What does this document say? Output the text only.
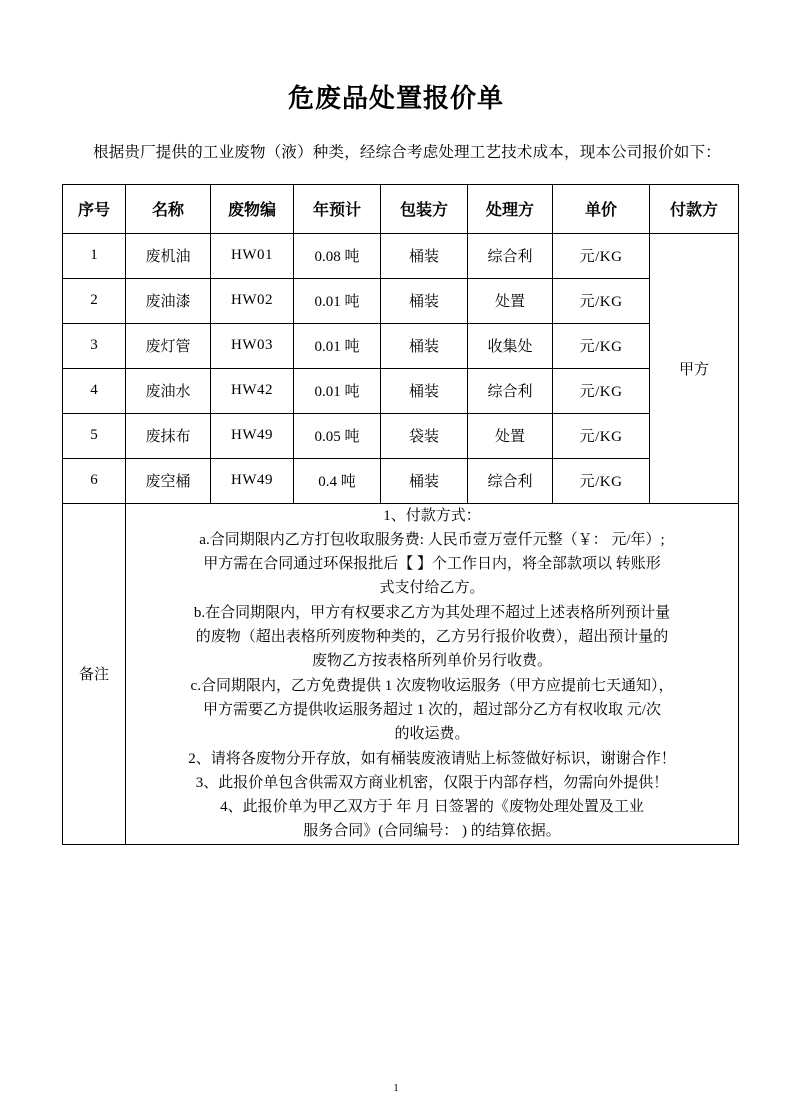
危废品处置报价单

根据贵厂提供的工业废物（液）种类，经综合考虑处理工艺技术成本，现本公司报价如下：

序号	名称	废物编	年预计	包装方	处理方	单价	付款方
1	废机油	HW01	0.08 吨	桶装	综合利	元/KG	甲方
2	废油漆	HW02	0.01 吨	桶装	处置	元/KG	
3	废灯管	HW03	0.01 吨	桶装	收集处	元/KG	
4	废油水	HW42	0.01 吨	桶装	综合利	元/KG	
5	废抹布	HW49	0.05 吨	袋装	处置	元/KG	
6	废空桶	HW49	0.4 吨	桶装	综合利	元/KG	
备注	

1、付款方式：

a.合同期限内乙方打包收取服务费: 人民币壹万壹仟元整（￥： 元/年）;

甲方需在合同通过环保报批后【 】个工作日内，将全部款项以 转账形

式支付给乙方。

b.在合同期限内，甲方有权要求乙方为其处理不超过上述表格所列预计量

的废物（超出表格所列废物种类的，乙方另行报价收费），超出预计量的

废物乙方按表格所列单价另行收费。

c.合同期限内，乙方免费提供 1 次废物收运服务（甲方应提前七天通知），

甲方需要乙方提供收运服务超过 1 次的，超过部分乙方有权收取 元/次

的收运费。

2、请将各废物分开存放，如有桶装废液请贴上标签做好标识，谢谢合作！

3、此报价单包含供需双方商业机密，仅限于内部存档，勿需向外提供！

4、此报价单为甲乙双方于 年 月 日签署的《废物处理处置及工业

服务合同》(合同编号： ) 的结算依据。

1
